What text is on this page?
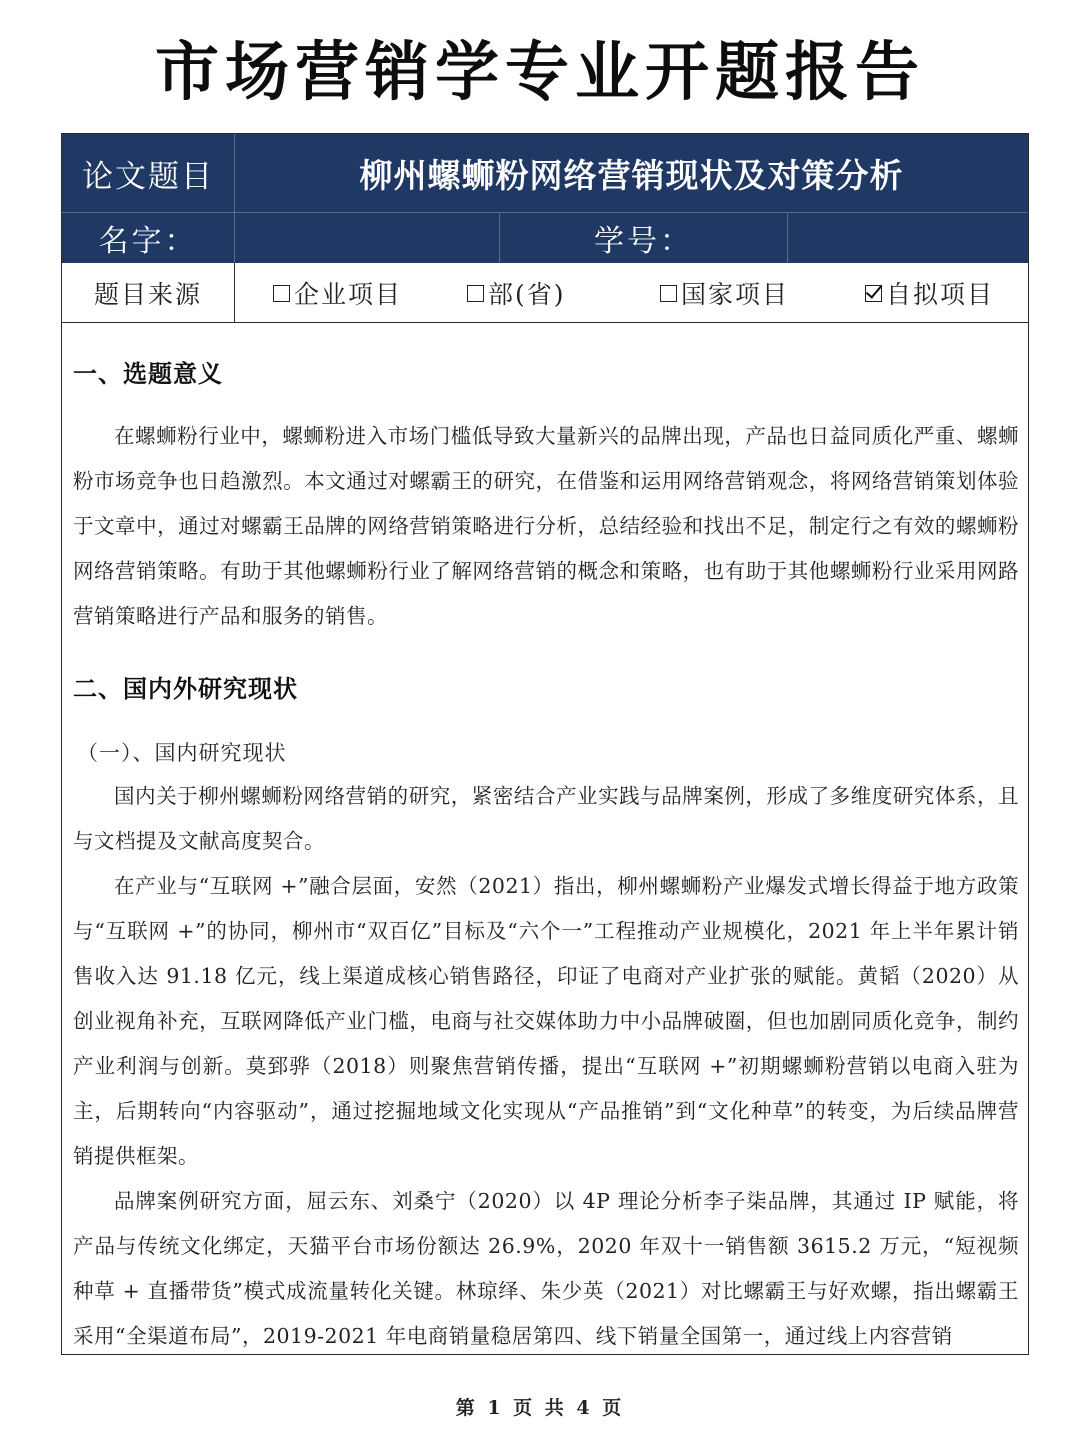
市场营销学专业开题报告
论文题目	柳州螺蛳粉网络营销现状及对策分析
名字：	学号：
题目来源	企业项目	部(省)	国家项目	自拟项目
一、选题意义
在螺蛳粉行业中，螺蛳粉进入市场门槛低导致大量新兴的品牌出现，产品也日益同质化严重、螺蛳粉市场竞争也日趋激烈。本文通过对螺霸王的研究，在借鉴和运用网络营销观念，将网络营销策划体验于文章中，通过对螺霸王品牌的网络营销策略进行分析，总结经验和找出不足，制定行之有效的螺蛳粉网络营销策略。有助于其他螺蛳粉行业了解网络营销的概念和策略，也有助于其他螺蛳粉行业采用网路营销策略进行产品和服务的销售。
二、国内外研究现状
（一）、国内研究现状
国内关于柳州螺蛳粉网络营销的研究，紧密结合产业实践与品牌案例，形成了多维度研究体系，且与文档提及文献高度契合。
在产业与“互联网 +”融合层面，安然（2021）指出，柳州螺蛳粉产业爆发式增长得益于地方政策与“互联网 +”的协同，柳州市“双百亿”目标及“六个一”工程推动产业规模化，2021 年上半年累计销售收入达 91.18 亿元，线上渠道成核心销售路径，印证了电商对产业扩张的赋能。黄韬（2020）从创业视角补充，互联网降低产业门槛，电商与社交媒体助力中小品牌破圈，但也加剧同质化竞争，制约产业利润与创新。莫郅骅（2018）则聚焦营销传播，提出“互联网 +”初期螺蛳粉营销以电商入驻为主，后期转向“内容驱动”，通过挖掘地域文化实现从“产品推销”到“文化种草”的转变，为后续品牌营销提供框架。
品牌案例研究方面，屈云东、刘桑宁（2020）以 4P 理论分析李子柒品牌，其通过 IP 赋能，将产品与传统文化绑定，天猫平台市场份额达 26.9%，2020 年双十一销售额 3615.2 万元，“短视频种草 + 直播带货”模式成流量转化关键。林琼绎、朱少英（2021）对比螺霸王与好欢螺，指出螺霸王采用“全渠道布局”，2019-2021 年电商销量稳居第四、线下销量全国第一，通过线上内容营销
第 1 页 共 4 页
